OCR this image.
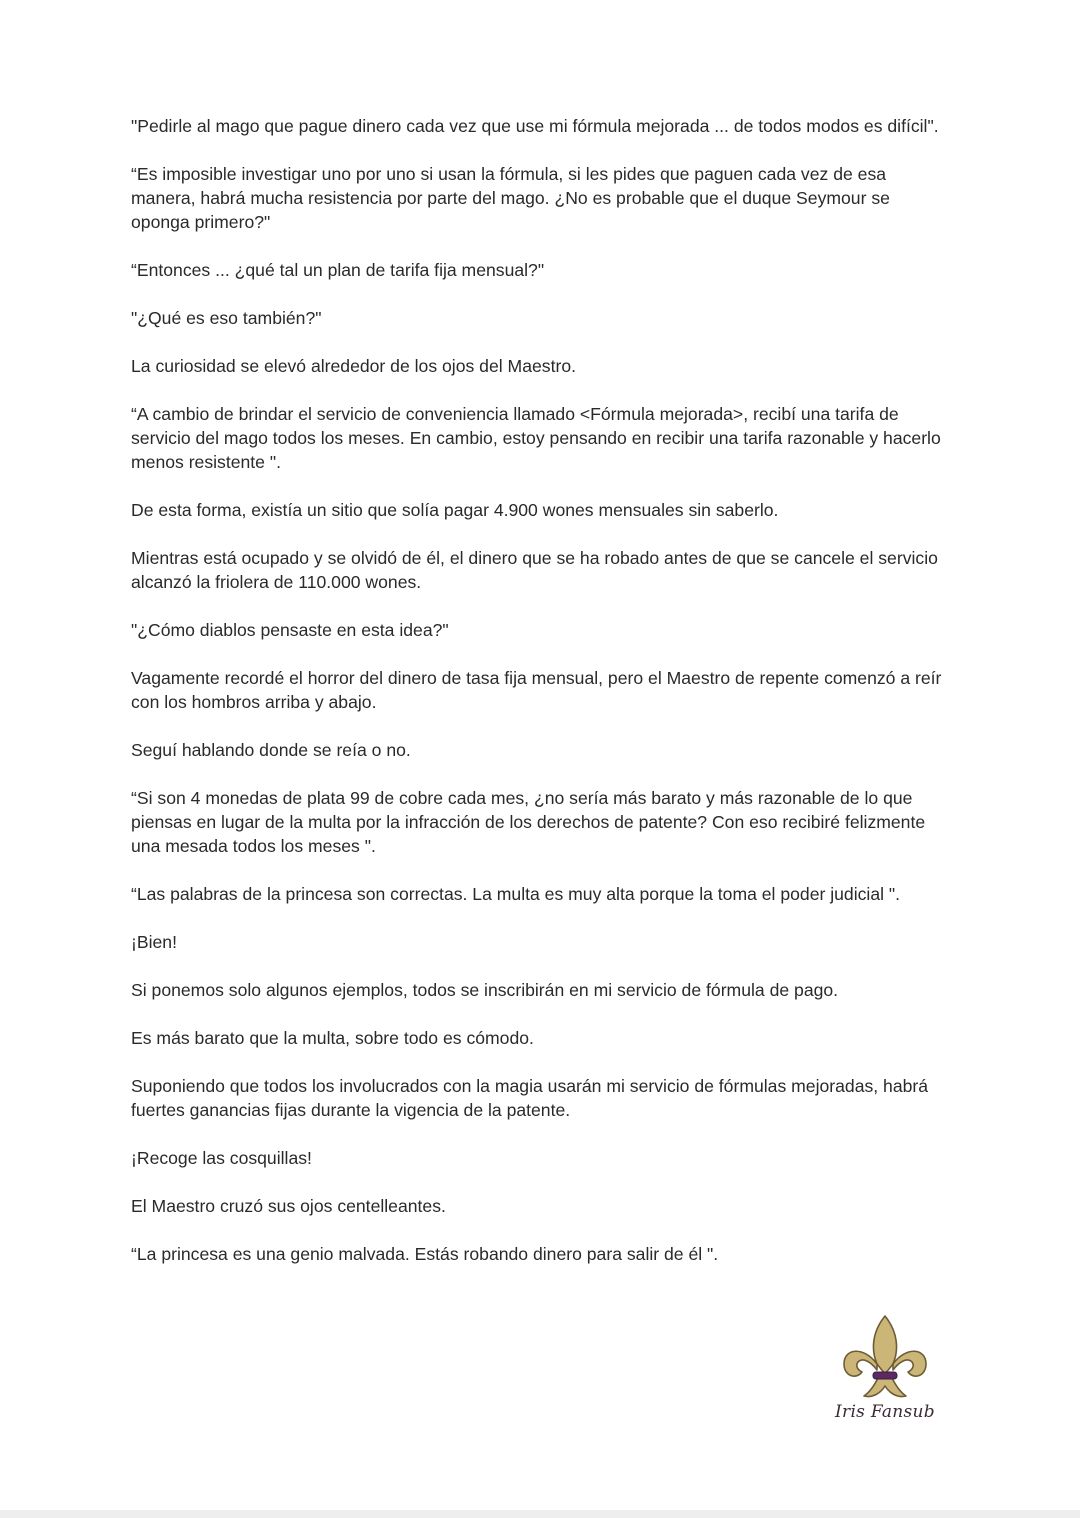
"Pedirle al mago que pague dinero cada vez que use mi fórmula mejorada ... de todos modos es difícil".

“Es imposible investigar uno por uno si usan la fórmula, si les pides que paguen cada vez de esa manera, habrá mucha resistencia por parte del mago. ¿No es probable que el duque Seymour se oponga primero?"

“Entonces ... ¿qué tal un plan de tarifa fija mensual?"

"¿Qué es eso también?"

La curiosidad se elevó alrededor de los ojos del Maestro.

“A cambio de brindar el servicio de conveniencia llamado <Fórmula mejorada>, recibí una tarifa de servicio del mago todos los meses. En cambio, estoy pensando en recibir una tarifa razonable y hacerlo menos resistente ".

De esta forma, existía un sitio que solía pagar 4.900 wones mensuales sin saberlo.

Mientras está ocupado y se olvidó de él, el dinero que se ha robado antes de que se cancele el servicio alcanzó la friolera de 110.000 wones.

"¿Cómo diablos pensaste en esta idea?"

Vagamente recordé el horror del dinero de tasa fija mensual, pero el Maestro de repente comenzó a reír con los hombros arriba y abajo.

Seguí hablando donde se reía o no.

“Si son 4 monedas de plata 99 de cobre cada mes, ¿no sería más barato y más razonable de lo que piensas en lugar de la multa por la infracción de los derechos de patente? Con eso recibiré felizmente una mesada todos los meses ".

“Las palabras de la princesa son correctas. La multa es muy alta porque la toma el poder judicial ".

¡Bien!

Si ponemos solo algunos ejemplos, todos se inscribirán en mi servicio de fórmula de pago.

Es más barato que la multa, sobre todo es cómodo.

Suponiendo que todos los involucrados con la magia usarán mi servicio de fórmulas mejoradas, habrá fuertes ganancias fijas durante la vigencia de la patente.

¡Recoge las cosquillas!

El Maestro cruzó sus ojos centelleantes.

“La princesa es una genio malvada. Estás robando dinero para salir de él ".

Iris Fansub
